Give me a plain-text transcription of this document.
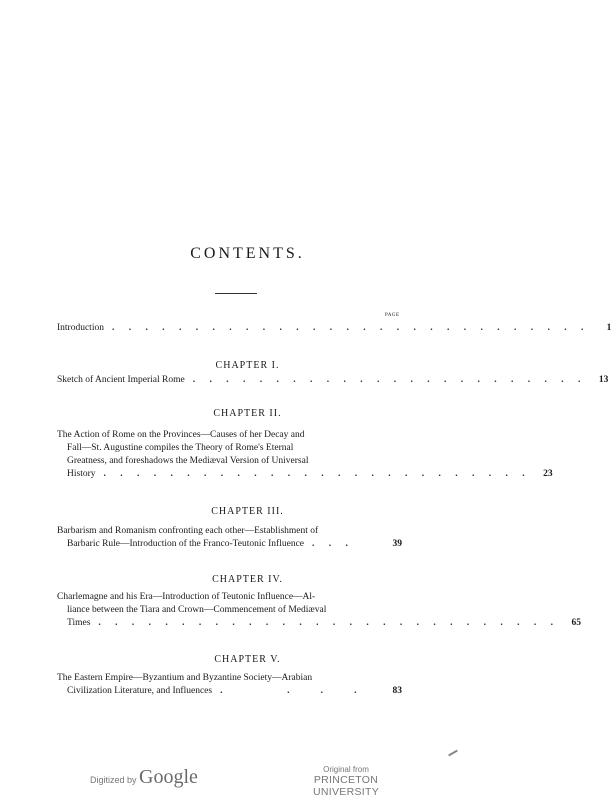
CONTENTS.
PAGE
Introduction . . . . . . . . . . . . . . . . . . . . . . . . . . . . .	1
CHAPTER I.
Sketch of Ancient Imperial Rome . . . . . . . . . . . . . . . . . . . . . . . .	13
CHAPTER II.
The Action of Rome on the Provinces—Causes of her Decay and
Fall—St. Augustine compiles the Theory of Rome's Eternal
Greatness, and foreshadows the Mediæval Version of Universal
History . . . . . . . . . . . . . . . . . . . . . . . . . .	23
CHAPTER III.
Barbarism and Romanism confronting each other—Establishment of
Barbaric Rule—Introduction of the Franco-Teutonic Influence . . .	39
CHAPTER IV.
Charlemagne and his Era—Introduction of Teutonic Influence—Al-
liance between the Tiara and Crown—Commencement of Mediæval
Times . . . . . . . . . . . . . . . . . . . . . . . . . . . .	65
CHAPTER V.
The Eastern Empire—Byzantium and Byzantine Society—Arabian
Civilization Literature, and Influences .       .   .   .	83
Digitized by Google	Original from
PRINCETON UNIVERSITY
